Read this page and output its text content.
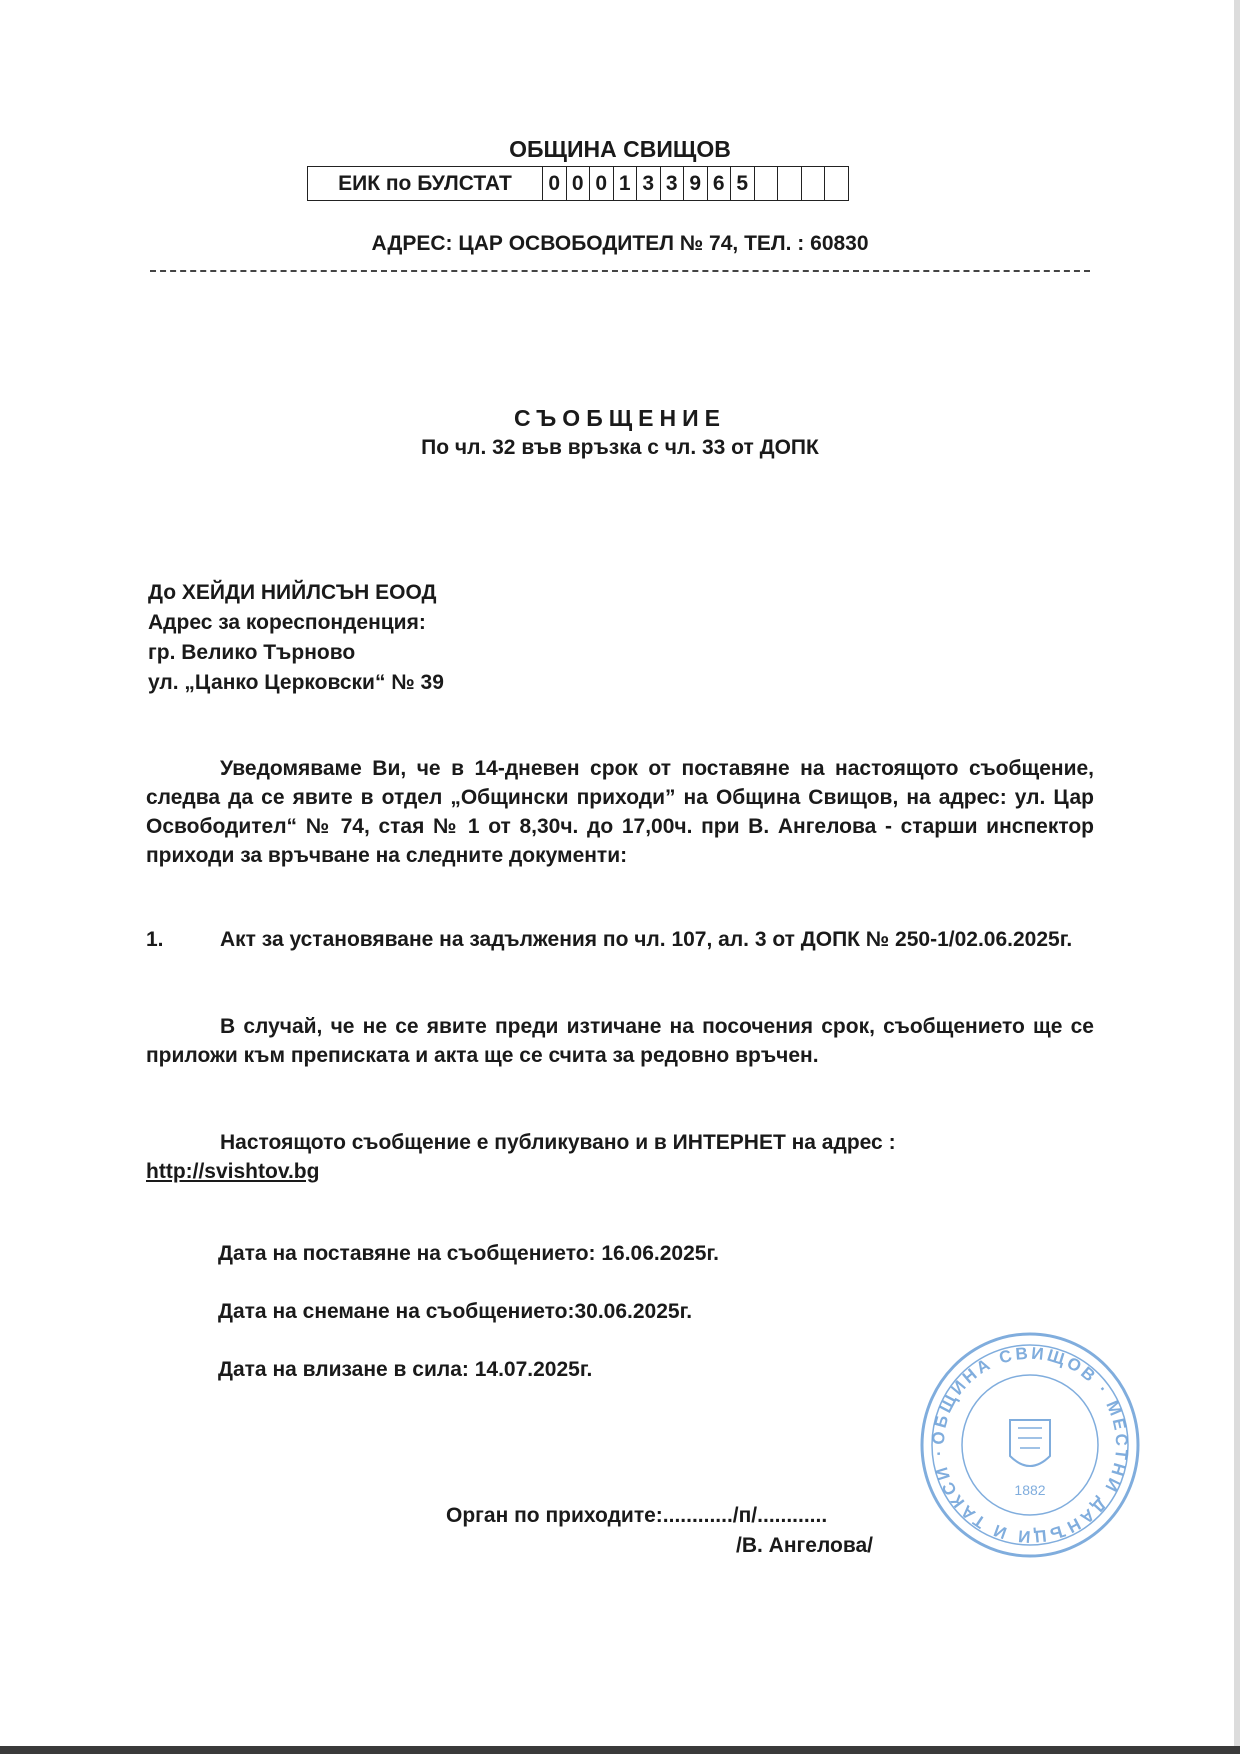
ОБЩИНА СВИЩОВ
ЕИК по БУЛСТАТ	0	0	0	1	3	3	9	6	5				
АДРЕС: ЦАР ОСВОБОДИТЕЛ № 74, ТЕЛ. : 60830
СЪОБЩЕНИЕ
По чл. 32 във връзка с чл. 33 от ДОПК
До ХЕЙДИ НИЙЛСЪН ЕООД
Адрес за кореспонденция:
гр. Велико Търново
ул. „Цанко Церковски“ № 39
Уведомяваме Ви, че в 14-дневен срок от поставяне на настоящото съобщение, следва да се явите в отдел „Общински приходи” на Община Свищов, на адрес: ул. Цар Освободител“ № 74, стая № 1 от 8,30ч. до 17,00ч. при В. Ангелова - старши инспектор приходи за връчване на следните документи:
1.	Акт за установяване на задължения по чл. 107, ал. 3 от ДОПК № 250-1/02.06.2025г.
В случай, че не се явите преди изтичане на посочения срок, съобщението ще се приложи към преписката и акта ще се счита за редовно връчен.
Настоящото съобщение е публикувано и в ИНТЕРНЕТ на адрес :
http://svishtov.bg
Дата на поставяне на съобщението: 16.06.2025г.
Дата на снемане на съобщението:30.06.2025г.
Дата на влизане в сила: 14.07.2025г.
Орган по приходите:............/п/............
/В. Ангелова/
ОБЩИНА СВИЩОВ · МЕСТНИ ДАНЪЦИ И ТАКСИ ·
1882
